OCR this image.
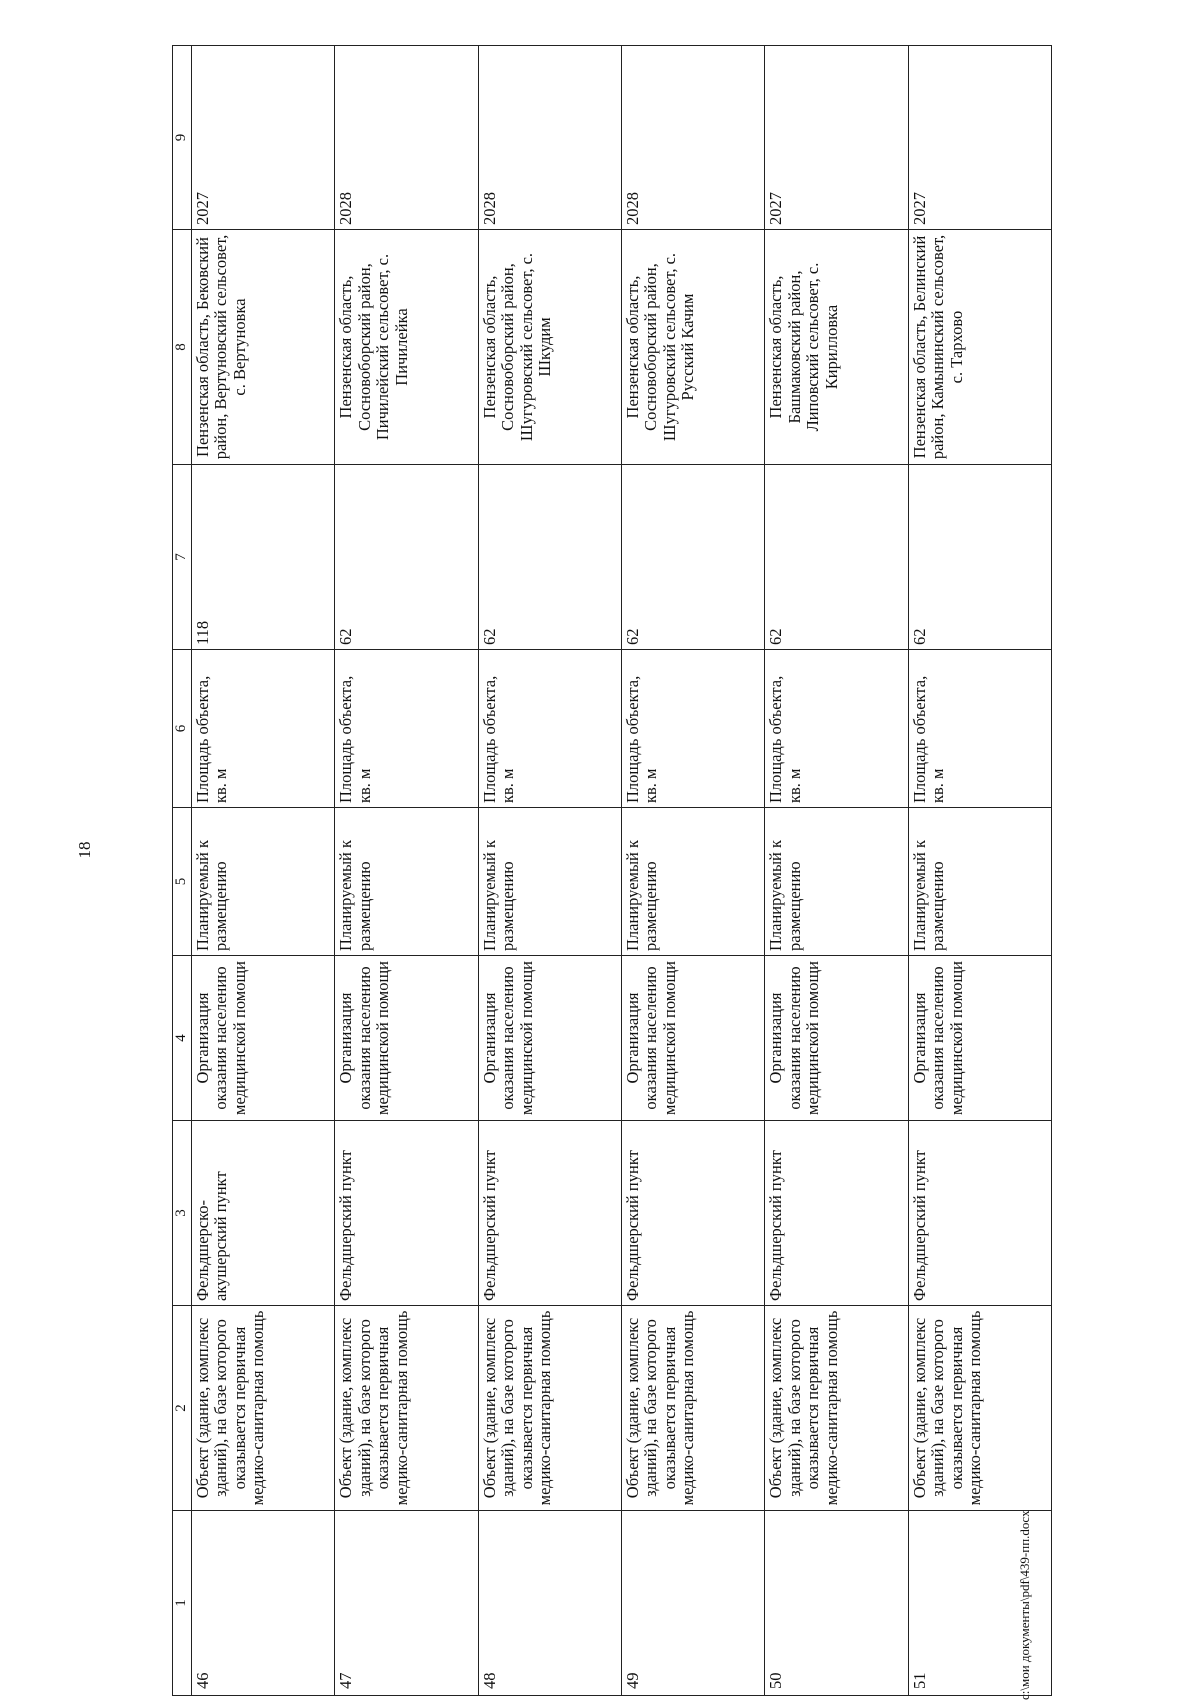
18
1	2	3	4	5	6	7	8	9
46	Объект (здание, комплекс зданий), на базе которого оказывается первичная медико-санитарная помощь	Фельдшерско-акушерский пункт	Организация оказания населению медицинской помощи	Планируемый к размещению	Площадь объекта, кв. м	118	Пензенская область, Бековский район, Вертуновский сельсовет, с. Вертуновка	2027
47	Объект (здание, комплекс зданий), на базе которого оказывается первичная медико-санитарная помощь	Фельдшерский пункт	Организация оказания населению медицинской помощи	Планируемый к размещению	Площадь объекта, кв. м	62	Пензенская область, Сосновоборский район, Пичилейский сельсовет, с. Пичилейка	2028
48	Объект (здание, комплекс зданий), на базе которого оказывается первичная медико-санитарная помощь	Фельдшерский пункт	Организация оказания населению медицинской помощи	Планируемый к размещению	Площадь объекта, кв. м	62	Пензенская область, Сосновоборский район, Шугуровский сельсовет, с. Шкудим	2028
49	Объект (здание, комплекс зданий), на базе которого оказывается первичная медико-санитарная помощь	Фельдшерский пункт	Организация оказания населению медицинской помощи	Планируемый к размещению	Площадь объекта, кв. м	62	Пензенская область, Сосновоборский район, Шугуровский сельсовет, с. Русский Качим	2028
50	Объект (здание, комплекс зданий), на базе которого оказывается первичная медико-санитарная помощь	Фельдшерский пункт	Организация оказания населению медицинской помощи	Планируемый к размещению	Площадь объекта, кв. м	62	Пензенская область, Башмаковский район, Липовский сельсовет, с. Кирилловка	2027
51	Объект (здание, комплекс зданий), на базе которого оказывается первичная медико-санитарная помощь	Фельдшерский пункт	Организация оказания населению медицинской помощи	Планируемый к размещению	Площадь объекта, кв. м	62	Пензенская область, Белинский район, Камынинский сельсовет, с. Тархово	2027
c:\мои документы\pdf\439-пп.docx
